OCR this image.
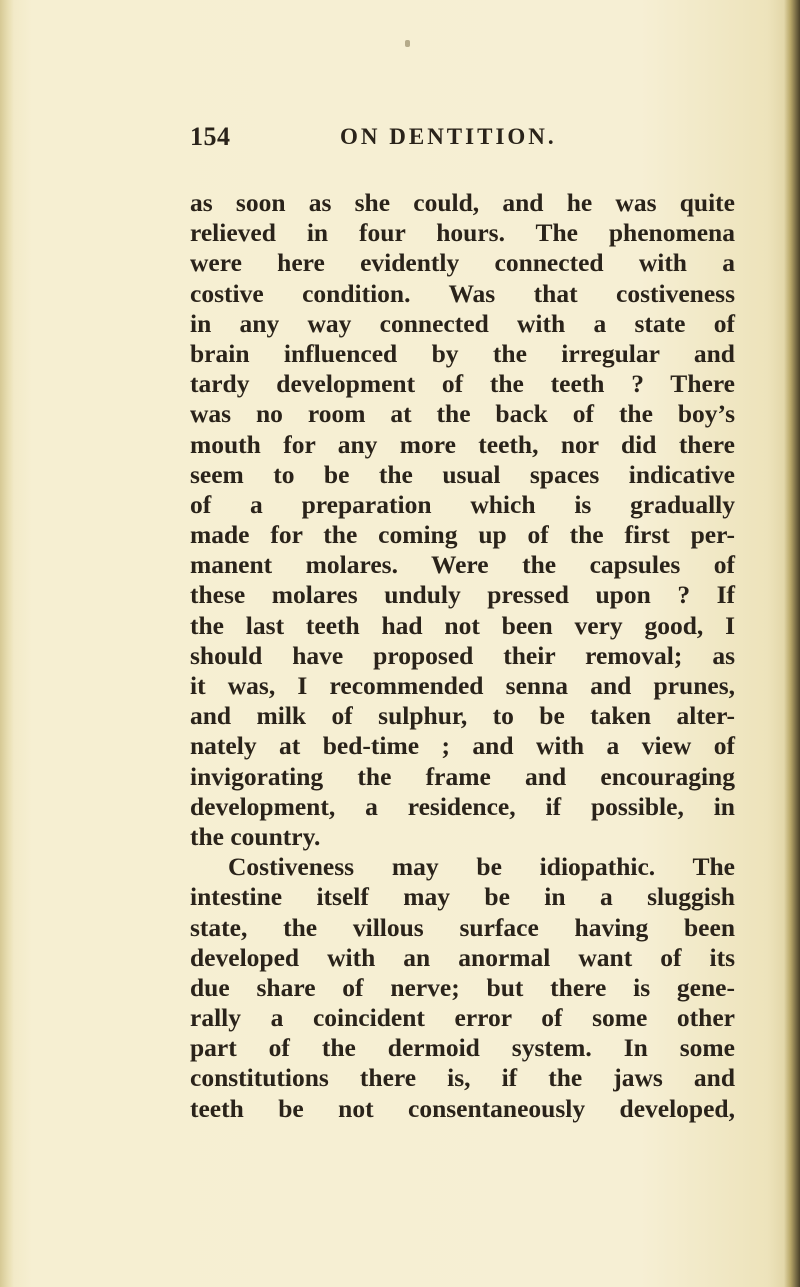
154	ON DENTITION.
as soon as she could, and he was quite
relieved in four hours. The phenomena
were here evidently connected with a
costive condition. Was that costiveness
in any way connected with a state of
brain influenced by the irregular and
tardy development of the teeth ? There
was no room at the back of the boy’s
mouth for any more teeth, nor did there
seem to be the usual spaces indicative
of a preparation which is gradually
made for the coming up of the first per-
manent molares. Were the capsules of
these molares unduly pressed upon ? If
the last teeth had not been very good, I
should have proposed their removal; as
it was, I recommended senna and prunes,
and milk of sulphur, to be taken alter-
nately at bed-time ; and with a view of
invigorating the frame and encouraging
development, a residence, if possible, in
the country.
Costiveness may be idiopathic. The
intestine itself may be in a sluggish
state, the villous surface having been
developed with an anormal want of its
due share of nerve; but there is gene-
rally a coincident error of some other
part of the dermoid system. In some
constitutions there is, if the jaws and
teeth be not consentaneously developed,
